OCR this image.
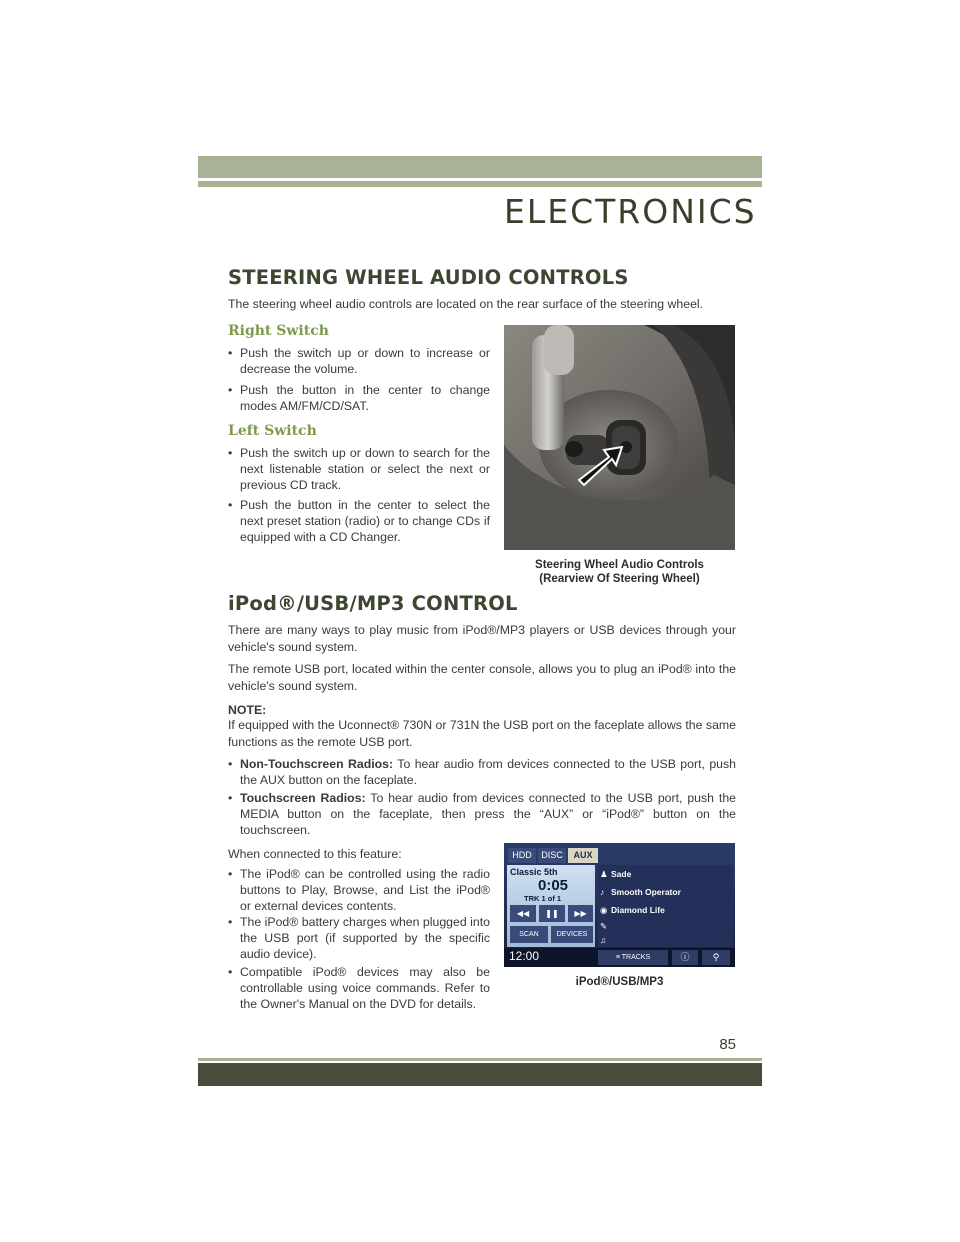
ELECTRONICS
STEERING WHEEL AUDIO CONTROLS
The steering wheel audio controls are located on the rear surface of the steering wheel.
Right Switch
• Push the switch up or down to increase or decrease the volume.
• Push the button in the center to change modes AM/FM/CD/SAT.
Left Switch
• Push the switch up or down to search for the next listenable station or select the next or previous CD track.
• Push the button in the center to select the next preset station (radio) or to change CDs if equipped with a CD Changer.
Steering Wheel Audio Controls
(Rearview Of Steering Wheel)
iPod®/USB/MP3 CONTROL
There are many ways to play music from iPod®/MP3 players or USB devices through your vehicle's sound system.
The remote USB port, located within the center console, allows you to plug an iPod® into the vehicle's sound system.
NOTE:
If equipped with the Uconnect® 730N or 731N the USB port on the faceplate allows the same functions as the remote USB port.
• Non-Touchscreen Radios: To hear audio from devices connected to the USB port, push the AUX button on the faceplate.
• Touchscreen Radios: To hear audio from devices connected to the USB port, push the MEDIA button on the faceplate, then press the “AUX” or “iPod®” button on the touchscreen.
When connected to this feature:
• The iPod® can be controlled using the radio buttons to Play, Browse, and List the iPod® or external devices contents.
• The iPod® battery charges when plugged into the USB port (if supported by the specific audio device).
• Compatible iPod® devices may also be controllable using voice commands. Refer to the Owner's Manual on the DVD for details.
HDD	DISC	AUX
Classic 5th
0:05
TRK 1 of 1
◀◀	❚❚	▶▶
SCAN	DEVICES
♟ Sade
♪ Smooth Operator
◉ Diamond Life
✎
♫
12:00	≡ TRACKS	ⓘ	⚲
iPod®/USB/MP3
85
